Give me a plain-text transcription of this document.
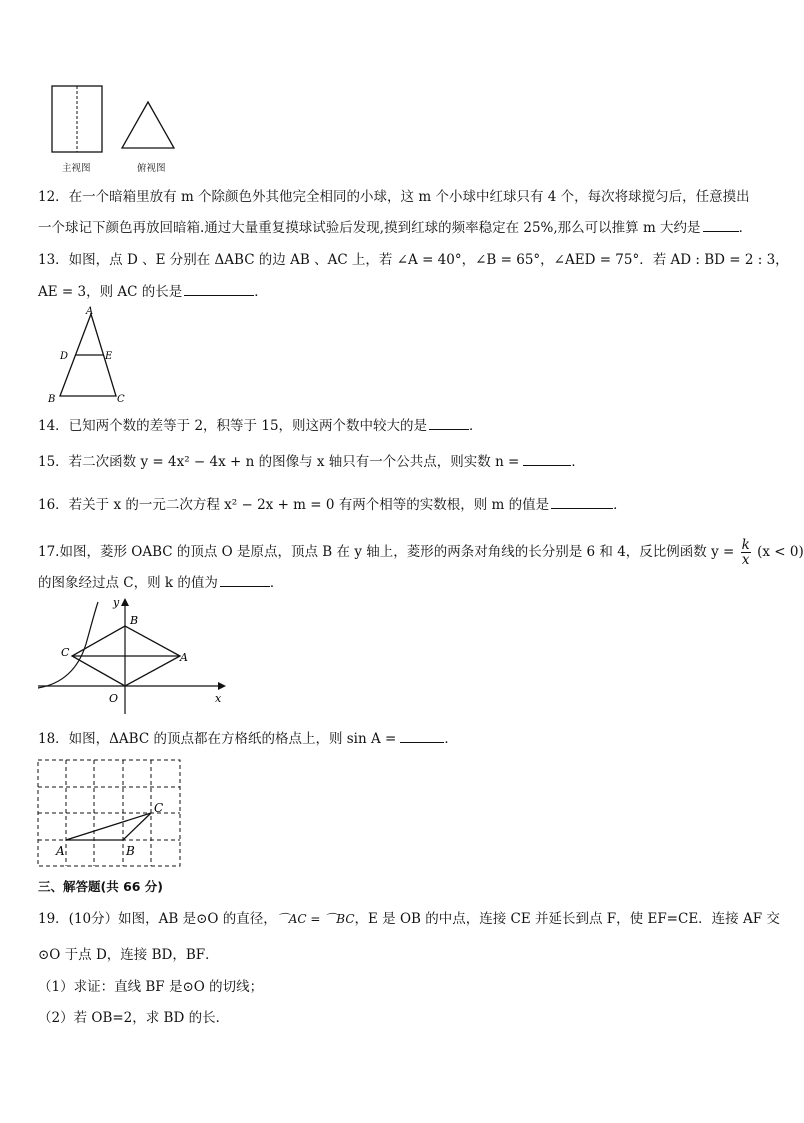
主视图	俯视图
12．在一个暗箱里放有 m 个除颜色外其他完全相同的小球，这 m 个小球中红球只有 4 个，每次将球搅匀后，任意摸出
一个球记下颜色再放回暗箱.通过大量重复摸球试验后发现,摸到红球的频率稳定在 25%,那么可以推算 m 大约是	．
13．如图，点 D 、E 分别在 ΔABC 的边 AB 、AC 上，若 ∠A = 40°，∠B = 65°，∠AED = 75°．若 AD : BD = 2 : 3，
AE = 3，则 AC 的长是	．
A
D	E
B	C
14．已知两个数的差等于 2，积等于 15，则这两个数中较大的是	．
15．若二次函数 y = 4x² − 4x + n 的图像与 x 轴只有一个公共点，则实数 n =	．
16．若关于 x 的一元二次方程 x² − 2x + m = 0 有两个相等的实数根，则 m 的值是	．
17.如图，菱形 OABC 的顶点 O 是原点，顶点 B 在 y 轴上，菱形的两条对角线的长分别是 6 和 4，反比例函数 $y = \frac{k}{x} (x < 0)$
的图象经过点 C，则 k 的值为	．
y
B
C	A
O	x
18．如图，ΔABC 的顶点都在方格纸的格点上，则 sin A =	．
A	B
C
三、解答题(共 66 分)
19．(10分）如图，AB 是⊙O 的直径，⌒AC = ⌒BC，E 是 OB 的中点，连接 CE 并延长到点 F，使 EF=CE．连接 AF 交
⊙O 于点 D，连接 BD，BF．
（1）求证：直线 BF 是⊙O 的切线；
（2）若 OB=2，求 BD 的长．
